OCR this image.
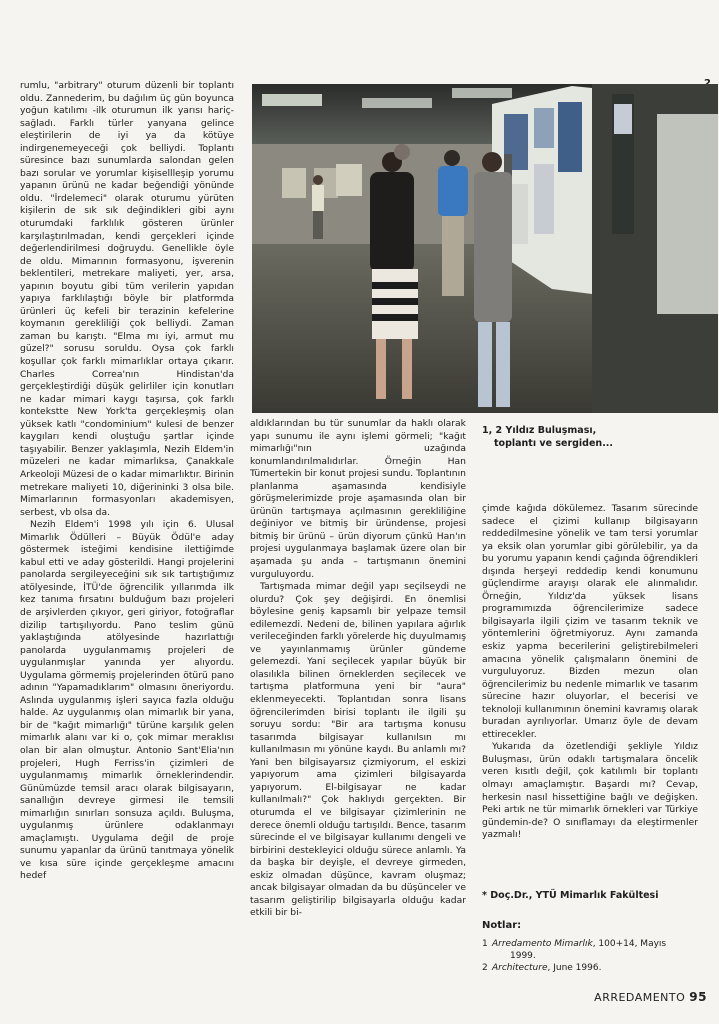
rumlu, "arbitrary" oturum düzenli bir toplantı oldu. Zannederim, bu dağılım üç gün boyunca yoğun katılımı -ilk oturumun ilk yarısı hariç- sağladı. Farklı türler yanyana gelince eleştirilerin de iyi ya da kötüye indirgenemeyeceği çok belliydi. Toplantı süresince bazı sunumlarda salondan gelen bazı sorular ve yorumlar kişisellleşip yorumu yapanın ürünü ne kadar beğendiği yönünde oldu. "İrdelemeci" olarak oturumu yürüten kişilerin de sık sık değindikleri gibi aynı oturumdaki farklılık gösteren ürünler karşılaştırılmadan, kendi gerçekleri içinde değerlendirilmesi doğruydu. Genellikle öyle de oldu. Mimarının formasyonu, işverenin beklentileri, metrekare maliyeti, yer, arsa, yapının boyutu gibi tüm verilerin yapıdan yapıya farklılaştığı böyle bir platformda ürünleri üç kefeli bir terazinin kefelerine koymanın gerekliliği çok belliydi. Zaman zaman bu karıştı. "Elma mı iyi, armut mu güzel?" sorusu soruldu. Oysa çok farklı koşullar çok farklı mimarlıklar ortaya çıkarır. Charles Correa'nın Hindistan'da gerçekleştirdiği düşük gelirliler için konutları ne kadar mimari kaygı taşırsa, çok farklı kontekstte New York'ta gerçekleşmiş olan yüksek katlı "condominium" kulesi de benzer kaygıları kendi oluştuğu şartlar içinde taşıyabilir. Benzer yaklaşımla, Nezih Eldem'in müzeleri ne kadar mimarlıksa, Çanakkale Arkeoloji Müzesi de o kadar mimarlıktır. Birinin metrekare maliyeti 10, diğerininki 3 olsa bile. Mimarlarının formasyonları akademisyen, serbest, vb olsa da.

Nezih Eldem'i 1998 yılı için 6. Ulusal Mimarlık Ödülleri – Büyük Ödül'e aday göstermek isteğimi kendisine ilettiğimde kabul etti ve aday gösterildi. Hangi projelerini panolarda sergileyeceğini sık sık tartıştığımız atölyesinde, İTÜ'de öğrencilik yıllarımda ilk kez tanıma fırsatını bulduğum bazı projeleri de arşivlerden çıkıyor, geri giriyor, fotoğraflar dizilip tartışılıyordu. Pano teslim günü yaklaştığında atölyesinde hazırlattığı panolarda uygulanmamış projeleri de uygulanmışlar yanında yer alıyordu. Uygulama görmemiş projelerinden ötürü pano adının "Yapamadıklarım" olmasını öneriyordu. Aslında uygulanmış işleri sayıca fazla olduğu halde. Az uygulanmış olan mimarlık bir yana, bir de "kağıt mimarlığı" türüne karşılık gelen mimarlık alanı var ki o, çok mimar meraklısı olan bir alan olmuştur. Antonio Sant'Elia'nın projeleri, Hugh Ferriss'in çizimleri de uygulanmamış mimarlık örneklerindendir. Günümüzde temsil aracı olarak bilgisayarın, sanallığın devreye girmesi ile temsili mimarlığın sınırları sonsuza açıldı. Buluşma, uygulanmış ürünlere odaklanmayı amaçlamıştı. Uygulama değil de proje sunumu yapanlar da ürünü tanıtmaya yönelik ve kısa süre içinde gerçekleşme amacını hedef

aldıklarından bu tür sunumlar da haklı olarak yapı sunumu ile aynı işlemi görmeli; "kağıt mimarlığı"nın uzağında konumlandırılmalıdırlar. Örneğin Han Tümertekin bir konut projesi sundu. Toplantının planlanma aşamasında kendisiyle görüşmelerimizde proje aşamasında olan bir ürünün tartışmaya açılmasının gerekliliğine değiniyor ve bitmiş bir üründense, projesi bitmiş bir ürünü – ürün diyorum çünkü Han'ın projesi uygulanmaya başlamak üzere olan bir aşamada şu anda – tartışmanın önemini vurguluyordu.

Tartışmada mimar değil yapı seçilseydi ne olurdu? Çok şey değişirdi. En önemlisi böylesine geniş kapsamlı bir yelpaze temsil edilemezdi. Nedeni de, bilinen yapılara ağırlık verileceğinden farklı yörelerde hiç duyulmamış ve yayınlanmamış ürünler gündeme gelemezdi. Yani seçilecek yapılar büyük bir olasılıkla bilinen örneklerden seçilecek ve tartışma platformuna yeni bir "aura" eklenmeyecekti. Toplantıdan sonra lisans öğrencilerimden birisi toplantı ile ilgili şu soruyu sordu: "Bir ara tartışma konusu tasarımda bilgisayar kullanılsın mı kullanılmasın mı yönüne kaydı. Bu anlamlı mı? Yani ben bilgisayarsız çizmiyorum, el eskizi yapıyorum ama çizimleri bilgisayarda yapıyorum. El-bilgisayar ne kadar kullanılmalı?" Çok haklıydı gerçekten. Bir oturumda el ve bilgisayar çizimlerinin ne derece önemli olduğu tartışıldı. Bence, tasarım sürecinde el ve bilgisayar kullanımı dengeli ve birbirini destekleyici olduğu sürece anlamlı. Ya da başka bir deyişle, el devreye girmeden, eskiz olmadan düşünce, kavram oluşmaz; ancak bilgisayar olmadan da bu düşünceler ve tasarım geliştirilip bilgisayarla olduğu kadar etkili bir bi-

1, 2 Yıldız Buluşması,
toplantı ve sergiden...

çimde kağıda dökülemez. Tasarım sürecinde sadece el çizimi kullanıp bilgisayarın reddedilmesine yönelik ve tam tersi yorumlar ya eksik olan yorumlar gibi görülebilir, ya da bu yorumu yapanın kendi çağında öğrendikleri dışında herşeyi reddedip kendi konumunu güçlendirme arayışı olarak ele alınmalıdır. Örneğin, Yıldız'da yüksek lisans programımızda öğrencilerimize sadece bilgisayarla ilgili çizim ve tasarım teknik ve yöntemlerini öğretmiyoruz. Aynı zamanda eskiz yapma becerilerini geliştirebilmeleri amacına yönelik çalışmaların önemini de vurguluyoruz. Bizden mezun olan öğrencilerimiz bu nedenle mimarlık ve tasarım sürecine hazır oluyorlar, el becerisi ve teknoloji kullanımının önemini kavramış olarak buradan ayrılıyorlar. Umarız öyle de devam ettirecekler.

Yukarıda da özetlendiği şekliyle Yıldız Buluşması, ürün odaklı tartışmalara öncelik veren kısıtlı değil, çok katılımlı bir toplantı olmayı amaçlamıştır. Başardı mı? Cevap, herkesin nasıl hissettiğine bağlı ve değişken. Peki artık ne tür mimarlık örnekleri var Türkiye gündemin-de? O sınıflamayı da eleştirmenler yazmalı!

* Doç.Dr., YTÜ Mimarlık Fakültesi
Notlar:
1 Arredamento Mimarlık, 100+14, Mayıs
1999.
2 Architecture, June 1996.
ARREDAMENTO 95
